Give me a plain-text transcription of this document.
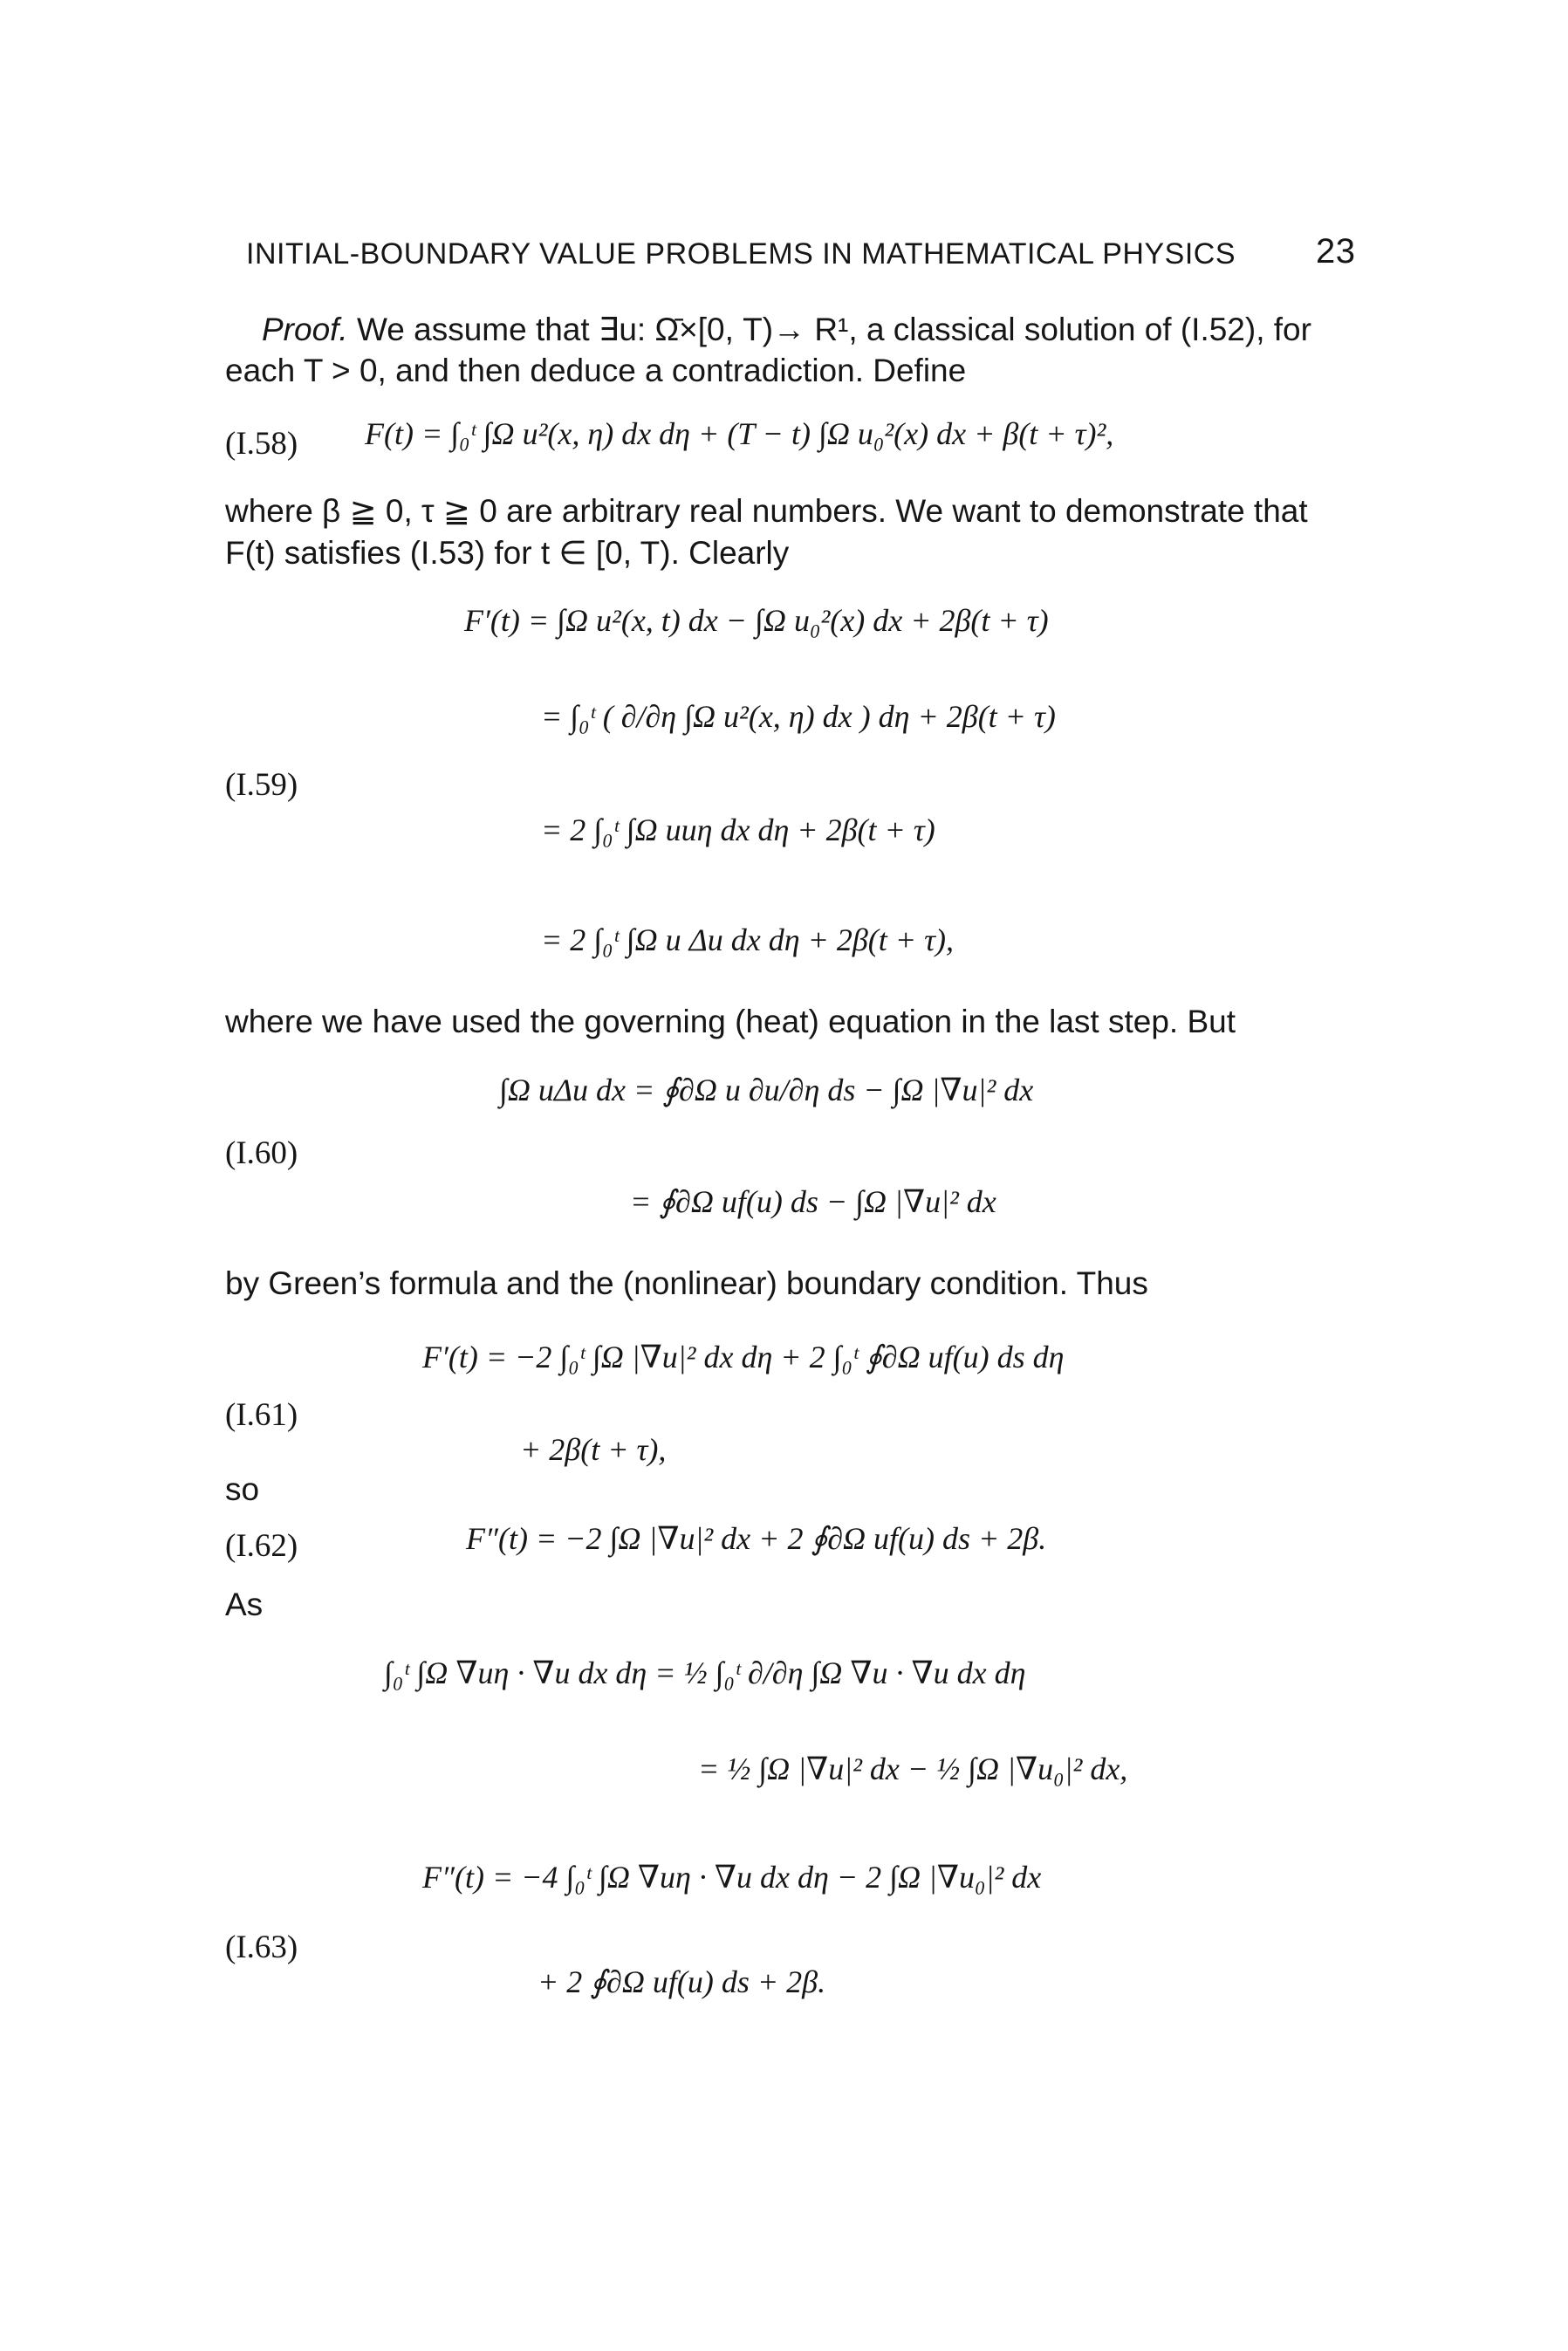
INITIAL-BOUNDARY VALUE PROBLEMS IN MATHEMATICAL PHYSICS 23
Proof. We assume that ∃u: Ω̄×[0, T)→ R¹, a classical solution of (I.52), for
each T > 0, and then deduce a contradiction. Define
(I.58) F(t) = ∫₀ᵗ ∫Ω u²(x, η) dx dη + (T − t) ∫Ω u₀²(x) dx + β(t + τ)²,
where β ≧ 0, τ ≧ 0 are arbitrary real numbers. We want to demonstrate that
F(t) satisfies (I.53) for t ∈ [0, T). Clearly
(I.59)
F′(t) = ∫Ω u²(x, t) dx − ∫Ω u₀²(x) dx + 2β(t + τ)
= ∫₀ᵗ ( ∂/∂η ∫Ω u²(x, η) dx ) dη + 2β(t + τ)
= 2 ∫₀ᵗ ∫Ω uuη dx dη + 2β(t + τ)
= 2 ∫₀ᵗ ∫Ω u Δu dx dη + 2β(t + τ),
where we have used the governing (heat) equation in the last step. But
(I.60)
∫Ω uΔu dx = ∮∂Ω u ∂u/∂η ds − ∫Ω |∇u|² dx
= ∮∂Ω uf(u) ds − ∫Ω |∇u|² dx
by Green’s formula and the (nonlinear) boundary condition. Thus
(I.61)
F′(t) = −2 ∫₀ᵗ ∫Ω |∇u|² dx dη + 2 ∫₀ᵗ ∮∂Ω uf(u) ds dη
+ 2β(t + τ),
so
(I.62)	F″(t) = −2 ∫Ω |∇u|² dx + 2 ∮∂Ω uf(u) ds + 2β.
As
∫₀ᵗ ∫Ω ∇uη · ∇u dx dη = ½ ∫₀ᵗ ∂/∂η ∫Ω ∇u · ∇u dx dη
= ½ ∫Ω |∇u|² dx − ½ ∫Ω |∇u₀|² dx,
(I.63)
F″(t) = −4 ∫₀ᵗ ∫Ω ∇uη · ∇u dx dη − 2 ∫Ω |∇u₀|² dx
+ 2 ∮∂Ω uf(u) ds + 2β.
